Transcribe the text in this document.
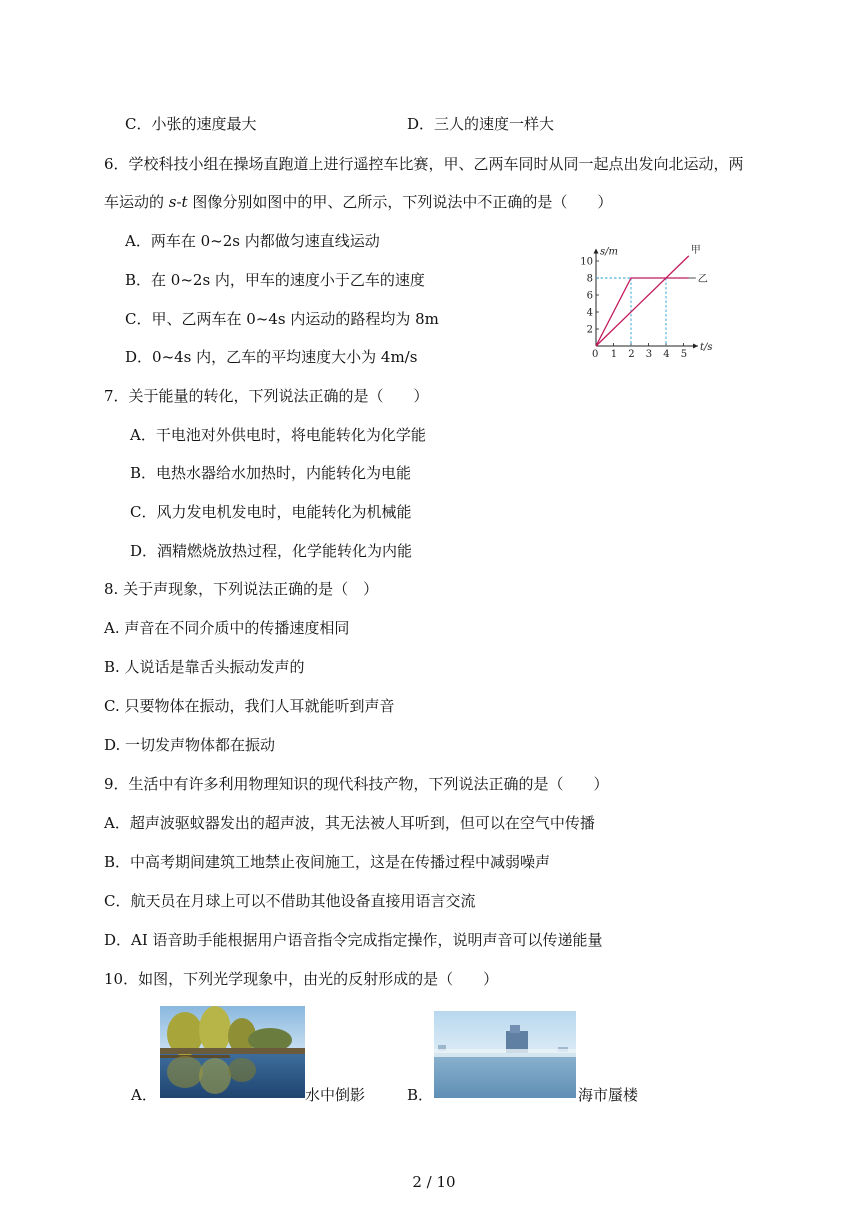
C．小张的速度最大	D．三人的速度一样大
6．学校科技小组在操场直跑道上进行遥控车比赛，甲、乙两车同时从同一起点出发向北运动，两
车运动的 s-t 图像分别如图中的甲、乙所示，下列说法中不正确的是（　　）
A．两车在 0~2s 内都做匀速直线运动
B．在 0~2s 内，甲车的速度小于乙车的速度
C．甲、乙两车在 0~4s 内运动的路程均为 8m
D．0~4s 内，乙车的平均速度大小为 4m/s	0 1 2 3 4 5
2
4
6
8
10
s/m
t/s
甲
乙
7．关于能量的转化，下列说法正确的是（　　）
A．干电池对外供电时，将电能转化为化学能
B．电热水器给水加热时，内能转化为电能
C．风力发电机发电时，电能转化为机械能
D．酒精燃烧放热过程，化学能转化为内能
8. 关于声现象，下列说法正确的是（　）
A. 声音在不同介质中的传播速度相同
B. 人说话是靠舌头振动发声的
C. 只要物体在振动，我们人耳就能听到声音
D. 一切发声物体都在振动
9．生活中有许多利用物理知识的现代科技产物，下列说法正确的是（　　）
A．超声波驱蚊器发出的超声波，其无法被人耳听到，但可以在空气中传播
B．中高考期间建筑工地禁止夜间施工，这是在传播过程中减弱噪声
C．航天员在月球上可以不借助其他设备直接用语言交流
D．AI 语音助手能根据用户语音指令完成指定操作，说明声音可以传递能量
10．如图，下列光学现象中，由光的反射形成的是（　　）
A．	水中倒影	B．	海市蜃楼
2 / 10
